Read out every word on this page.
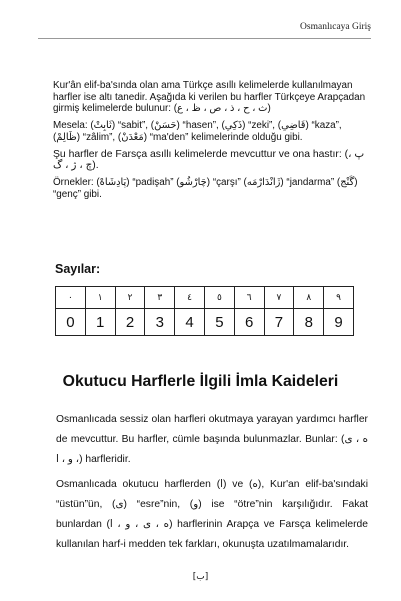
Osmanlıcaya Giriş

Kur'ân elif-ba'sında olan ama Türkçe asıllı kelimelerde kullanılmayan harfler ise altı tanedir. Aşağıda ki verilen bu harfler Türkçeye Arapçadan girmiş kelimelerde bulunur: (ث ، ح ، ذ ، ص ، ظ ، ع)

Mesela: (ثَابِتْ) “sabit”, (حَسَنْ) “hasen”, (ذَكِي) “zeki”, (قَاضِي) “kaza”, (ظَالِمْ) “zâlim”, (مَعْدَنْ) “ma'den” kelimelerinde olduğu gibi.

Şu harfler de Farsça asıllı kelimelerde mevcuttur ve ona hastır: (پ ، چ ، ژ ، گ).

Örnekler: (پَادِشَاهْ) “padişah” (چَارْشُو) “çarşı” (ژَانْدَارْمَه) “jandarma” (گَنْج) “genç” gibi.

Sayılar:
٠	١	٢	٣	٤	٥	٦	٧	٨	٩
0	1	2	3	4	5	6	7	8	9
Okutucu Harflerle İlgili İmla Kaideleri

Osmanlıcada sessiz olan harfleri okutmaya yarayan yardımcı harfler de mevcuttur. Bu harfler, cümle başında bulunmazlar. Bunlar: (ه ، ی ، و ، ا) harfleridir.

Osmanlıcada okutucu harflerden (ا) ve (ه), Kur'an elif-ba'sındaki “üstün”ün, (ی) “esre”nin, (و) ise “ötre”nin karşılığıdır. Fakat bunlardan (ه ، ی ، و ، ا) harflerinin Arapça ve Farsça kelimelerde kullanılan harf-i medden tek farkları, okunuşta uzatılmamalarıdır.

[ب]
